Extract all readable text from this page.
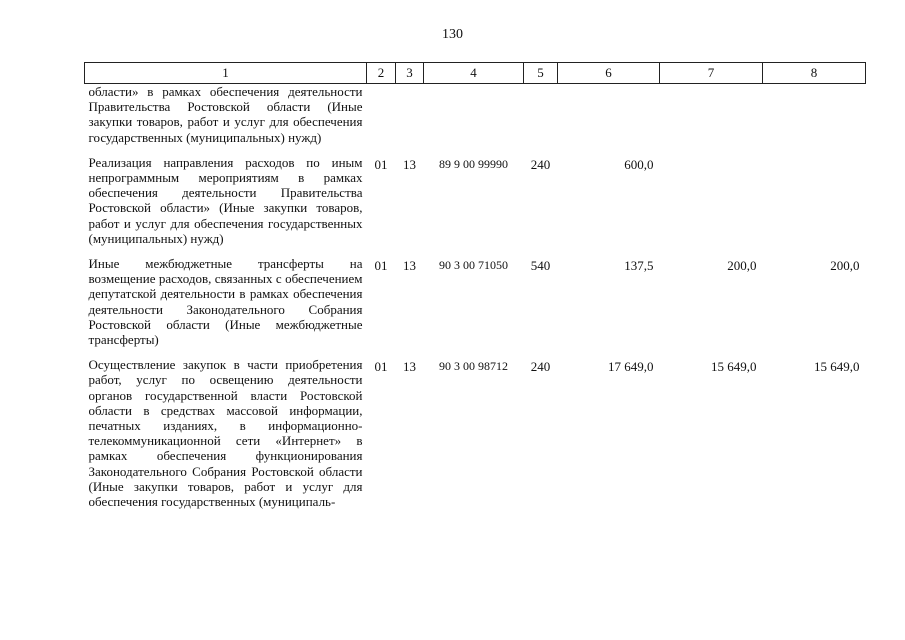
130
1	2	3	4	5	6	7	8
области» в рамках обеспечения деятельности Правительства Ростовской области (Иные закупки товаров, работ и услуг для обеспечения государственных (муниципальных) нужд)							
Реализация направления расходов по иным непрограммным мероприятиям в рамках обеспечения деятельности Правительства Ростовской области» (Иные закупки товаров, работ и услуг для обеспечения государственных (муниципальных) нужд)	01	13	89 9 00 99990	240	600,0		
Иные межбюджетные трансферты на возмещение расходов, связанных с обеспечением депутатской деятельности в рамках обеспечения деятельности Законодательного Собрания Ростовской области (Иные межбюджетные трансферты)	01	13	90 3 00 71050	540	137,5	200,0	200,0
Осуществление закупок в части приобретения работ, услуг по освещению деятельности органов государственной власти Ростовской области в средствах массовой информации, печатных изданиях, в информационно-телекоммуникационной сети «Интернет» в рамках обеспечения функционирования Законодательного Собрания Ростовской области (Иные закупки товаров, работ и услуг для обеспечения государственных (муниципаль-	01	13	90 3 00 98712	240	17 649,0	15 649,0	15 649,0
